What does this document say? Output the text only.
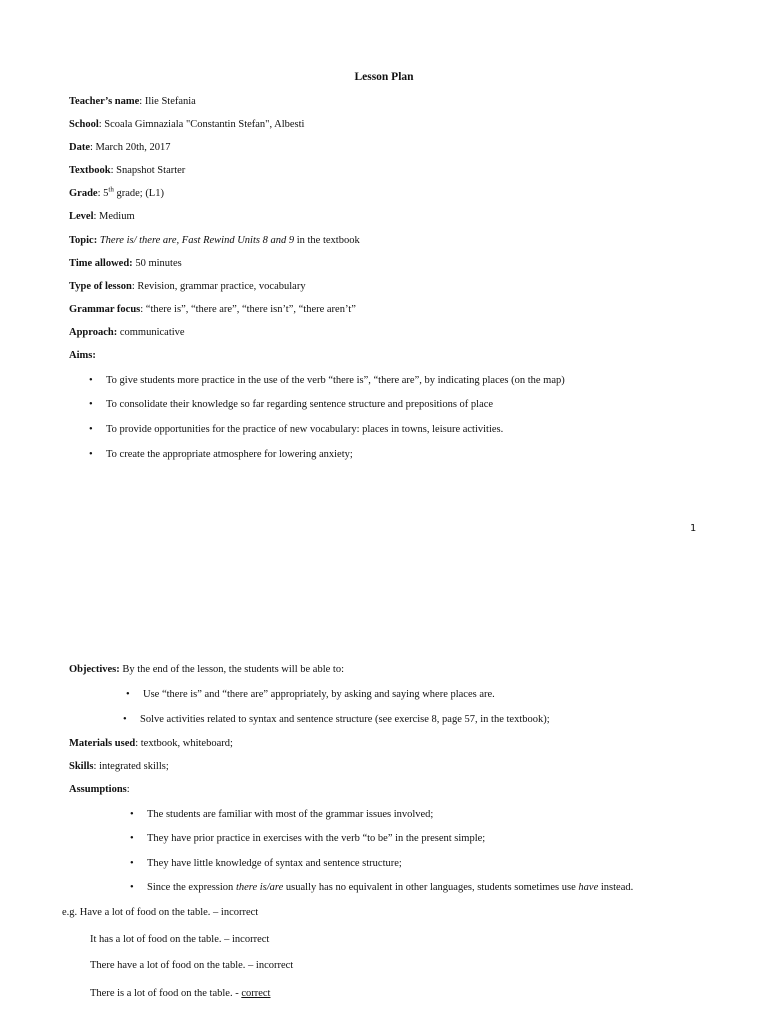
Lesson Plan
Teacher’s name: Ilie Stefania
School: Scoala Gimnaziala "Constantin Stefan", Albesti
Date: March 20th, 2017
Textbook: Snapshot Starter
Grade: 5th grade; (L1)
Level: Medium
Topic: There is/ there are, Fast Rewind Units 8 and 9 in the textbook
Time allowed: 50 minutes
Type of lesson: Revision, grammar practice, vocabulary
Grammar focus: “there is”, “there are”, “there isn’t”, “there aren’t”
Approach: communicative
Aims:
• To give students more practice in the use of the verb “there is”, “there are”, by indicating places (on the map)
• To consolidate their knowledge so far regarding sentence structure and prepositions of place
• To provide opportunities for the practice of new vocabulary: places in towns, leisure activities.
• To create the appropriate atmosphere for lowering anxiety;
1
Objectives: By the end of the lesson, the students will be able to:
• Use “there is” and “there are” appropriately, by asking and saying where places are.
• Solve activities related to syntax and sentence structure (see exercise 8, page 57, in the textbook);
Materials used: textbook, whiteboard;
Skills: integrated skills;
Assumptions:
• The students are familiar with most of the grammar issues involved;
• They have prior practice in exercises with the verb “to be” in the present simple;
• They have little knowledge of syntax and sentence structure;
• Since the expression there is/are usually has no equivalent in other languages, students sometimes use have instead.
e.g. Have a lot of food on the table. – incorrect
It has a lot of food on the table. – incorrect
There have a lot of food on the table. – incorrect
There is a lot of food on the table. - correct
